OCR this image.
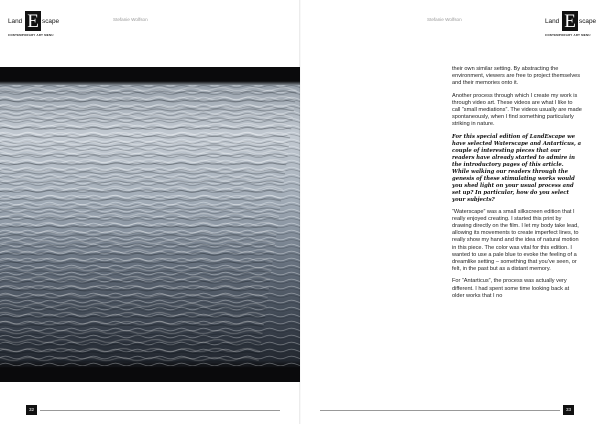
Land E scape
CONTEMPORARY ART MENU
Stefanie Wolfson
32
Stefanie Wolfson	Land E scape
CONTEMPORARY ART MENU

their own similar setting. By abstracting the environment, viewers are free to project themselves and their memories onto it.

Another process through which I create my work is through video art. These videos are what I like to call “small mediations”. The videos usually are made spontaneously, when I find something particularly striking in nature.

For this special edition of LandEscape we have selected Waterscape and Antarticus, a couple of interesting pieces that our readers have already started to admire in the introductory pages of this article. While walking our readers through the genesis of these stimulating works would you shed light on your usual process and set up? In particular, how do you select your subjects?

“Waterscape” was a small silkscreen edition that I really enjoyed creating. I started this print by drawing directly on the film. I let my body take lead, allowing its movements to create imperfect lines, to really show my hand and the idea of natural motion in this piece. The color was vital for this edition. I wanted to use a pale blue to evoke the feeling of a dreamlike setting – something that you’ve seen, or felt, in the past but as a distant memory.

For “Antarticus”, the process was actually very different. I had spent some time looking back at older works that I no

33
